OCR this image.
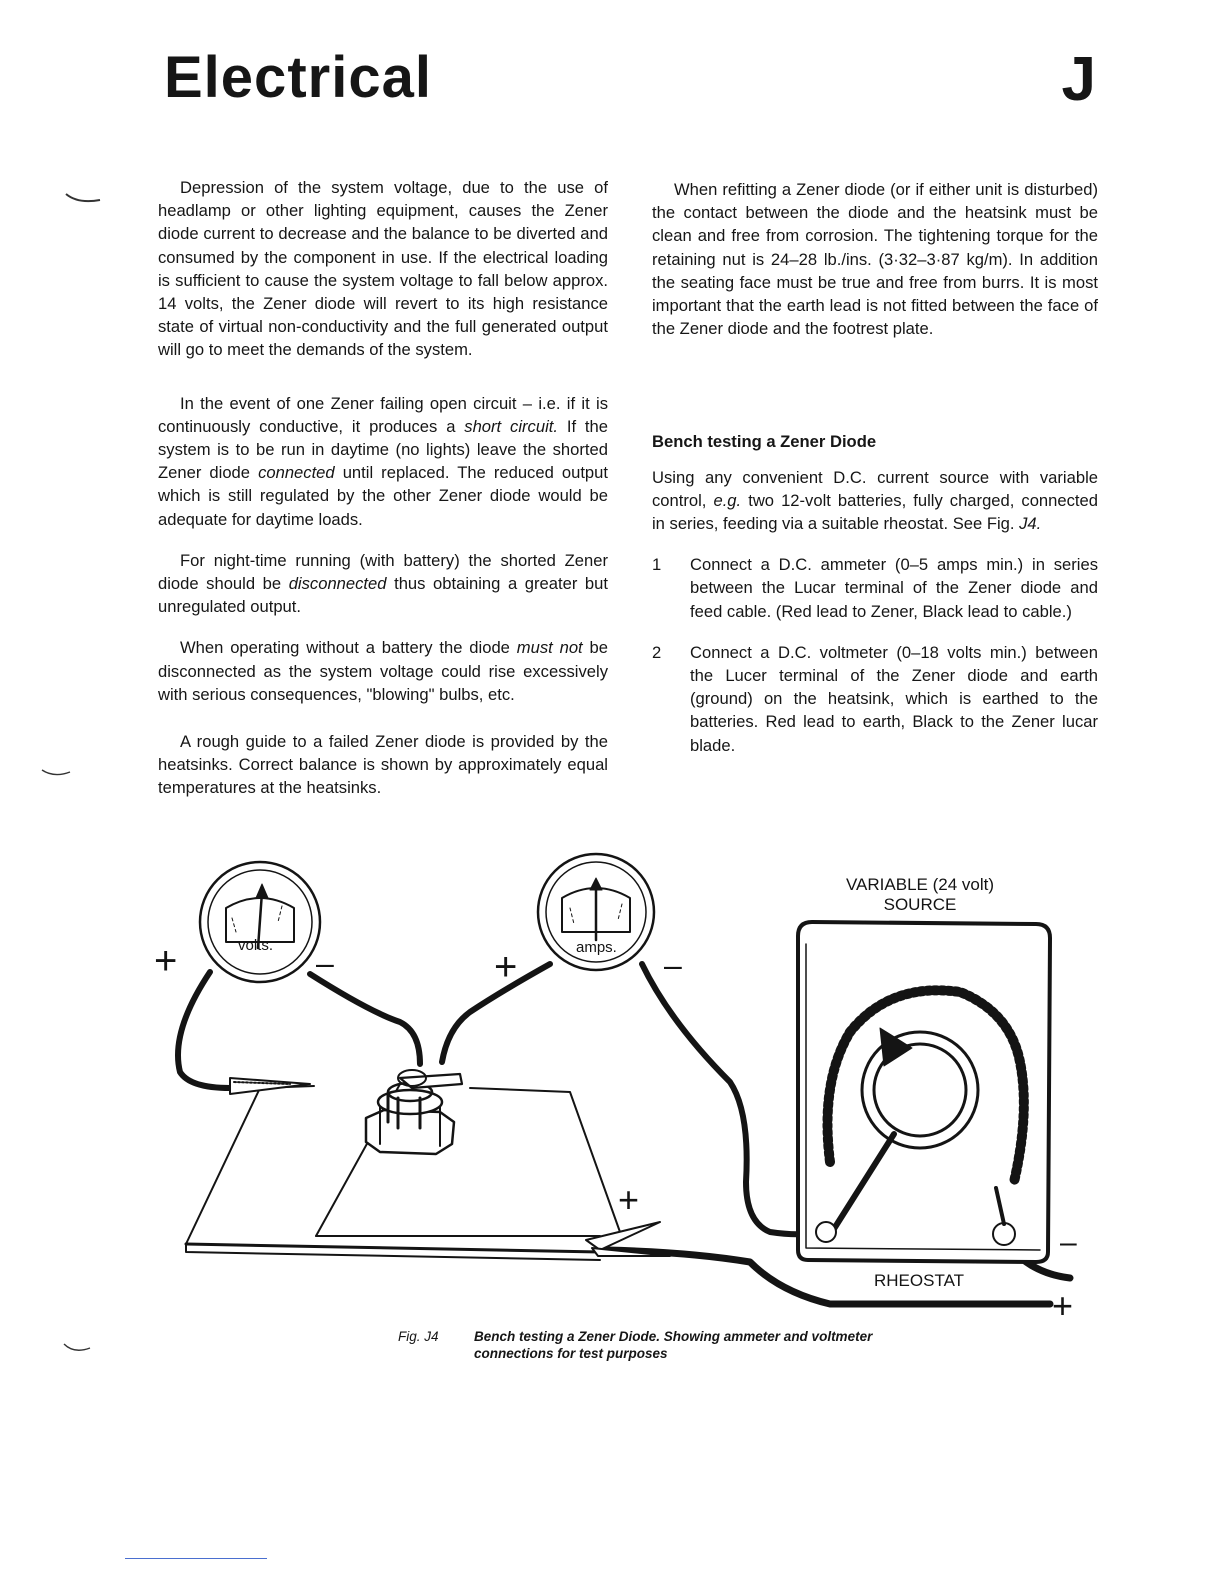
Electrical	J

Depression of the system voltage, due to the use of headlamp or other lighting equipment, causes the Zener diode current to decrease and the balance to be diverted and consumed by the component in use. If the electrical loading is sufficient to cause the system voltage to fall below approx. 14 volts, the Zener diode will revert to its high resistance state of virtual non-conductivity and the full generated output will go to meet the demands of the system.

In the event of one Zener failing open circuit – i.e. if it is continuously conductive, it produces a short circuit. If the system is to be run in daytime (no lights) leave the shorted Zener diode connected until replaced. The reduced output which is still regulated by the other Zener diode would be adequate for daytime loads.

For night-time running (with battery) the shorted Zener diode should be disconnected thus obtaining a greater but unregulated output.

When operating without a battery the diode must not be disconnected as the system voltage could rise excessively with serious consequences, "blowing" bulbs, etc.

A rough guide to a failed Zener diode is provided by the heatsinks. Correct balance is shown by approximately equal temperatures at the heatsinks.

When refitting a Zener diode (or if either unit is disturbed) the contact between the diode and the heatsink must be clean and free from corrosion. The tightening torque for the retaining nut is 24–28 lb./ins. (3·32–3·87 kg/m). In addition the seating face must be true and free from burrs. It is most important that the earth lead is not fitted between the face of the Zener diode and the footrest plate.

Bench testing a Zener Diode

Using any convenient D.C. current source with variable control, e.g. two 12-volt batteries, fully charged, connected in series, feeding via a suitable rheostat. See Fig. J4.

1	Connect a D.C. ammeter (0–5 amps min.) in series between the Lucar terminal of the Zener diode and feed cable. (Red lead to Zener, Black lead to cable.)
2	Connect a D.C. voltmeter (0–18 volts min.) between the Lucer terminal of the Zener diode and earth (ground) on the heatsink, which is earthed to the batteries. Red lead to earth, Black to the Zener lucar blade.
volts.	amps.
+	–	+	–
+
VARIABLE (24 volt)
SOURCE
RHEOSTAT
–
+
Fig. J4	Bench testing a Zener Diode. Showing ammeter and voltmeter connections for test purposes
